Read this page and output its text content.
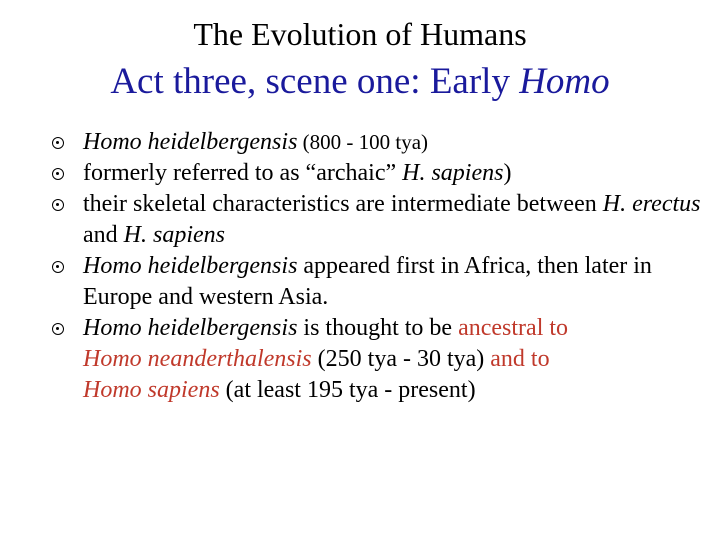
The Evolution of Humans
Act three, scene one: Early Homo
Homo heidelbergensis (800 - 100 tya)
formerly referred to as “archaic” H. sapiens)
their skeletal characteristics are intermediate between H. erectus and H. sapiens
Homo heidelbergensis appeared first in Africa, then later in Europe and western Asia.
Homo heidelbergensis is thought to be ancestral to
Homo neanderthalensis (250 tya - 30 tya) and to
Homo sapiens (at least 195 tya - present)
